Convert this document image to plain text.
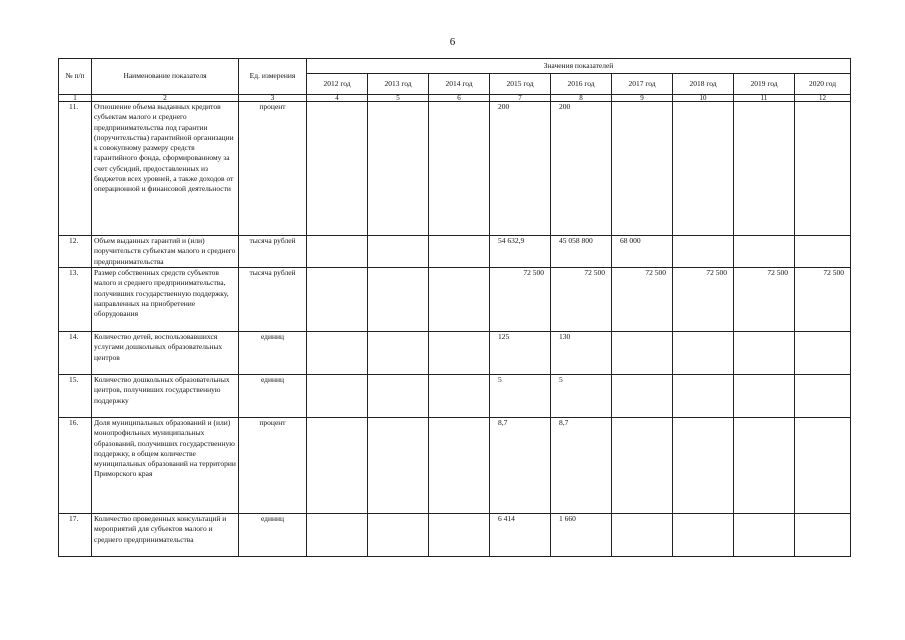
6
№ п/п	Наименование показателя	Ед. измерения	Значения показателей								
			2012 год	2013 год	2014 год	2015 год	2016 год	2017 год	2018 год	2019 год	2020 год
1	2	3	4	5	6	7	8	9	10	11	12
11.	Отношение объема выданных кредитов субъектам малого и среднего предпринимательства под гарантии (поручительства) гарантийной организации к совокупному размеру средств гарантийного фонда, сформированному за счет субсидий, предоставленных из бюджетов всех уровней, а также доходов от операционной и финансовой деятельности	процент				200	200				
12.	Объем выданных гарантий и (или) поручительств субъектам малого и среднего предпринимательства	тысяча рублей				54 632,9	45 058 800	68 000			
13.	Размер собственных средств субъектов малого и среднего предпринимательства, получивших государственную поддержку, направленных на приобретение оборудования	тысяча рублей				72 500	72 500	72 500	72 500	72 500	72 500
14.	Количество детей, воспользовавшихся услугами дошкольных образовательных центров	единиц				125	130				
15.	Количество дошкольных образовательных центров, получивших государственную поддержку	единиц				5	5				
16.	Доля муниципальных образований и (или) монопрофильных муниципальных образований, получивших государственную поддержку, в общем количестве муниципальных образований на территории Приморского края	процент				8,7	8,7				
17.	Количество проведенных консультаций и мероприятий для субъектов малого и среднего предпринимательства	единиц				6 414	1 660				
